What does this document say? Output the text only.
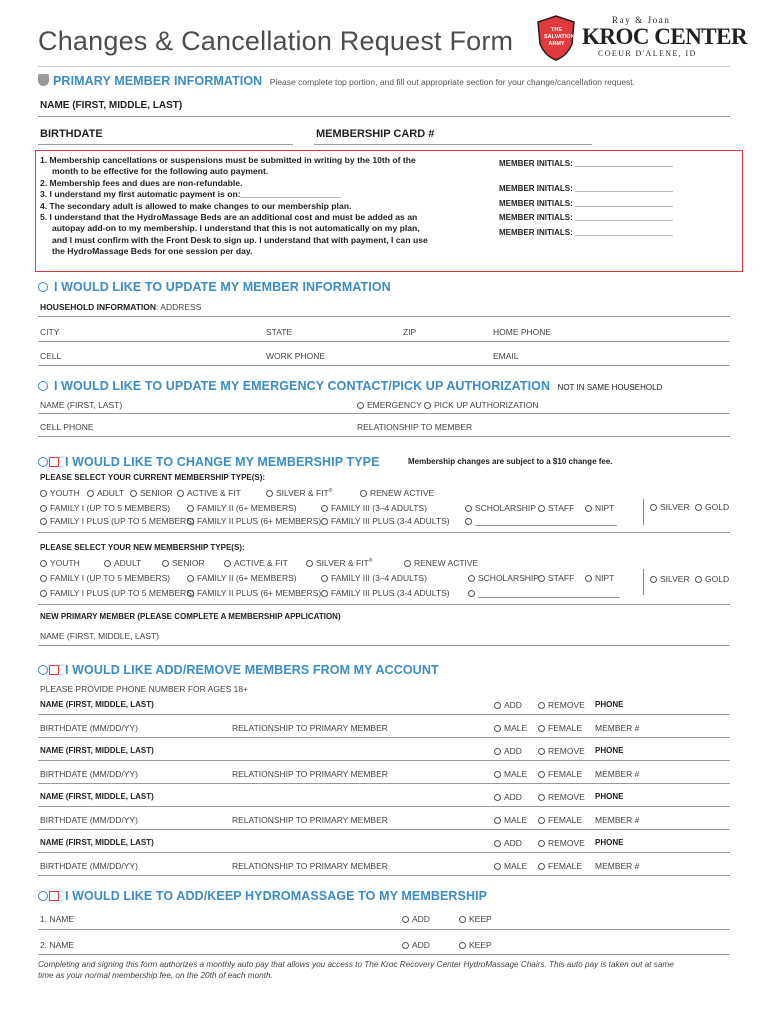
Changes & Cancellation Request Form	THE SALVATION ARMY
Ray & Joan
KROC CENTER
COEUR D'ALENE, ID
PRIMARY MEMBER INFORMATION Please complete top portion, and fill out appropriate section for your change/cancellation request.
NAME (FIRST, MIDDLE, LAST)
BIRTHDATE	MEMBERSHIP CARD #
1. Membership cancellations or suspensions must be submitted in writing by the 10th of the
month to be effective for the following auto payment.
2. Membership fees and dues are non-refundable.
3. I understand my first automatic payment is on:_____________________
4. The secondary adult is allowed to make changes to our membership plan.
5. I understand that the HydroMassage Beds are an additional cost and must be added as an
autopay add-on to my membership. I understand that this is not automatically on my plan,
and I must confirm with the Front Desk to sign up. I understand that with payment, I can use
the HydroMassage Beds for one session per day.
MEMBER INITIALS: ______________________
MEMBER INITIALS: ______________________
MEMBER INITIALS: ______________________
MEMBER INITIALS: ______________________
MEMBER INITIALS: ______________________
I WOULD LIKE TO UPDATE MY MEMBER INFORMATION
HOUSEHOLD INFORMATION: ADDRESS
CITY	STATE	ZIP	HOME PHONE
CELL	WORK PHONE	EMAIL
I WOULD LIKE TO UPDATE MY EMERGENCY CONTACT/PICK UP AUTHORIZATION NOT IN SAME HOUSEHOLD
NAME (FIRST, LAST)	EMERGENCY	PICK UP AUTHORIZATION
CELL PHONE	RELATIONSHIP TO MEMBER
I WOULD LIKE TO CHANGE MY MEMBERSHIP TYPE	Membership changes are subject to a $10 change fee.
PLEASE SELECT YOUR CURRENT MEMBERSHIP TYPE(S):
YOUTH	ADULT	SENIOR	ACTIVE & FIT	SILVER & FIT®	RENEW ACTIVE
FAMILY I (UP TO 5 MEMBERS)	FAMILY II (6+ MEMBERS)	FAMILY III (3–4 ADULTS)	SCHOLARSHIP	STAFF	NIPT	SILVER	GOLD
FAMILY I PLUS (UP TO 5 MEMBERS) FAMILY II PLUS (6+ MEMBERS)	FAMILY III PLUS (3-4 ADULTS)	______________________________
PLEASE SELECT YOUR NEW MEMBERSHIP TYPE(S):
YOUTH	ADULT	SENIOR	ACTIVE & FIT	SILVER & FIT®	RENEW ACTIVE
FAMILY I (UP TO 5 MEMBERS)	FAMILY II (6+ MEMBERS)	FAMILY III (3–4 ADULTS)	SCHOLARSHIP	STAFF	NIPT	SILVER	GOLD
FAMILY I PLUS (UP TO 5 MEMBERS) FAMILY II PLUS (6+ MEMBERS)	FAMILY III PLUS (3-4 ADULTS)	______________________________
NEW PRIMARY MEMBER (PLEASE COMPLETE A MEMBERSHIP APPLICATION)
NAME (FIRST, MIDDLE, LAST)
I WOULD LIKE ADD/REMOVE MEMBERS FROM MY ACCOUNT
PLEASE PROVIDE PHONE NUMBER FOR AGES 18+
NAME (FIRST, MIDDLE, LAST)	ADD	REMOVE PHONE
BIRTHDATE (MM/DD/YY)	RELATIONSHIP TO PRIMARY MEMBER	MALE	FEMALE MEMBER #
NAME (FIRST, MIDDLE, LAST)	ADD	REMOVE PHONE
BIRTHDATE (MM/DD/YY)	RELATIONSHIP TO PRIMARY MEMBER	MALE	FEMALE MEMBER #
NAME (FIRST, MIDDLE, LAST)	ADD	REMOVE PHONE
BIRTHDATE (MM/DD/YY)	RELATIONSHIP TO PRIMARY MEMBER	MALE	FEMALE MEMBER #
NAME (FIRST, MIDDLE, LAST)	ADD	REMOVE PHONE
BIRTHDATE (MM/DD/YY)	RELATIONSHIP TO PRIMARY MEMBER	MALE	FEMALE MEMBER #
I WOULD LIKE TO ADD/KEEP HYDROMASSAGE TO MY MEMBERSHIP
1. NAME	ADD	KEEP
2. NAME	ADD	KEEP
Completing and signing this form authorizes a monthly auto pay that allows you access to The Kroc Recovery Center HydroMassage Chairs. This auto pay is taken out at same
time as your normal membership fee, on the 20th of each month.
